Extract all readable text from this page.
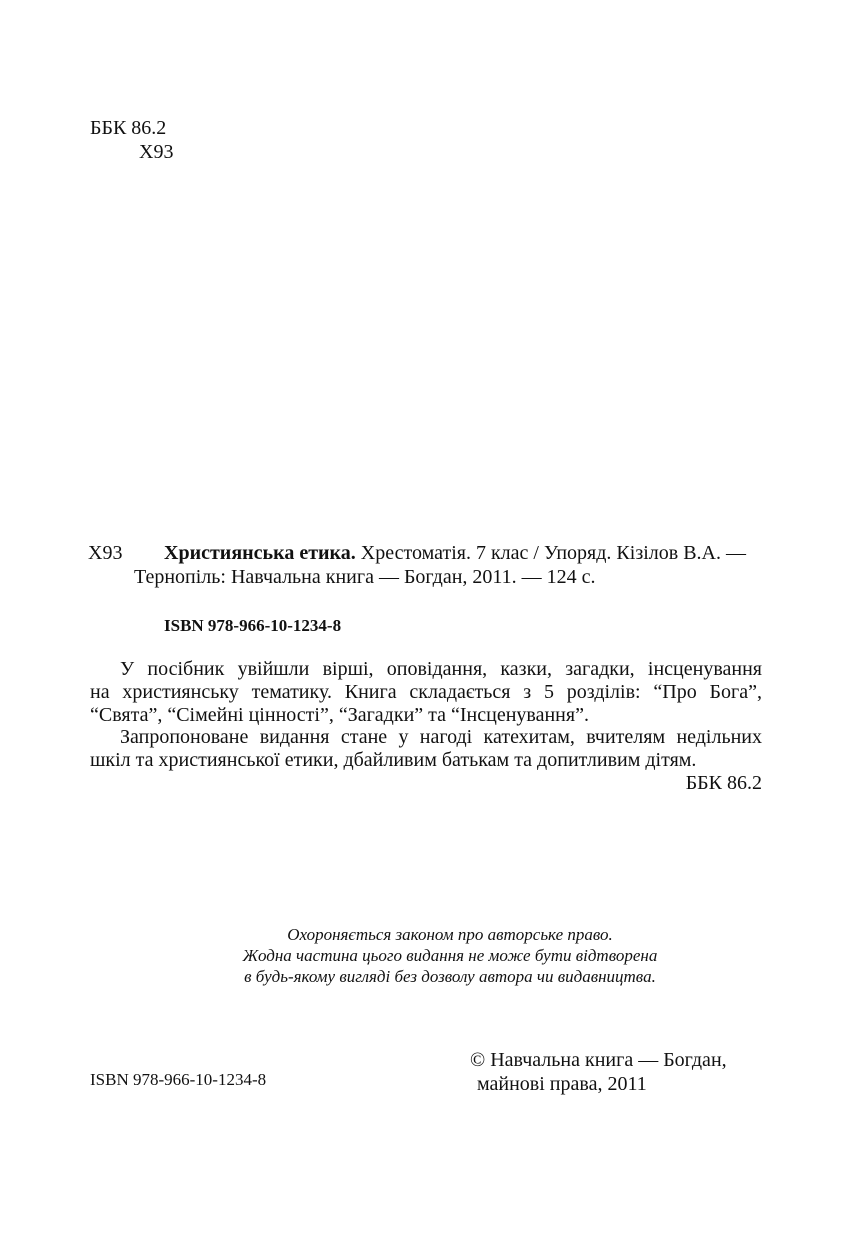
ББК 86.2
Х93
Х93 Християнська етика. Хрестоматія. 7 клас / Упоряд. Кізілов В.А. —
Тернопіль: Навчальна книга — Богдан, 2011. — 124 с.
ISBN 978-966-10-1234-8
У посібник увійшли вірші, оповідання, казки, загадки, інсценування
на християнську тематику. Книга складається з 5 розділів: “Про Бога”,
“Свята”, “Сімейні цінності”, “Загадки” та “Інсценування”.
Запропоноване видання стане у нагоді катехитам, вчителям недільних
шкіл та християнської етики, дбайливим батькам та допитливим дітям.
ББК 86.2
Охороняється законом про авторське право.
Жодна частина цього видання не може бути відтворена
в будь-якому вигляді без дозволу автора чи видавництва.
ISBN 978-966-10-1234-8
© Навчальна книга — Богдан,
майнові права, 2011
